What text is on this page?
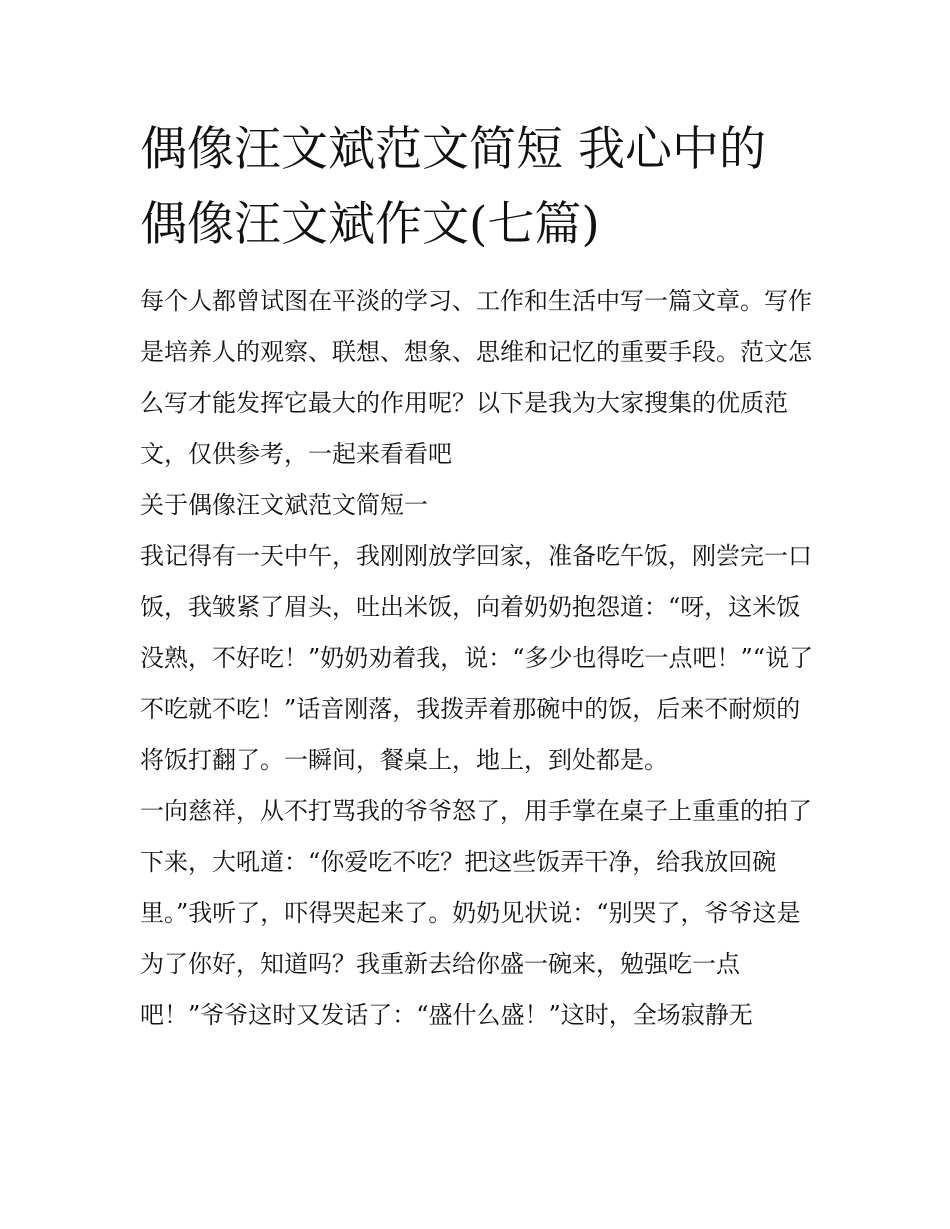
偶像汪文斌范文简短 我心中的
偶像汪文斌作文(七篇)

每个人都曾试图在平淡的学习、工作和生活中写一篇文章。写作是培养人的观察、联想、想象、思维和记忆的重要手段。范文怎么写才能发挥它最大的作用呢？以下是我为大家搜集的优质范文，仅供参考，一起来看看吧

关于偶像汪文斌范文简短一

我记得有一天中午，我刚刚放学回家，准备吃午饭，刚尝完一口饭，我皱紧了眉头，吐出米饭，向着奶奶抱怨道：“呀，这米饭没熟，不好吃！”奶奶劝着我，说：“多少也得吃一点吧！”“说了不吃就不吃！”话音刚落，我拨弄着那碗中的饭，后来不耐烦的将饭打翻了。一瞬间，餐桌上，地上，到处都是。

一向慈祥，从不打骂我的爷爷怒了，用手掌在桌子上重重的拍了下来，大吼道：“你爱吃不吃？把这些饭弄干净，给我放回碗里。”我听了，吓得哭起来了。奶奶见状说：“别哭了，爷爷这是为了你好，知道吗？我重新去给你盛一碗来，勉强吃一点吧！”爷爷这时又发话了：“盛什么盛！”这时，全场寂静无
